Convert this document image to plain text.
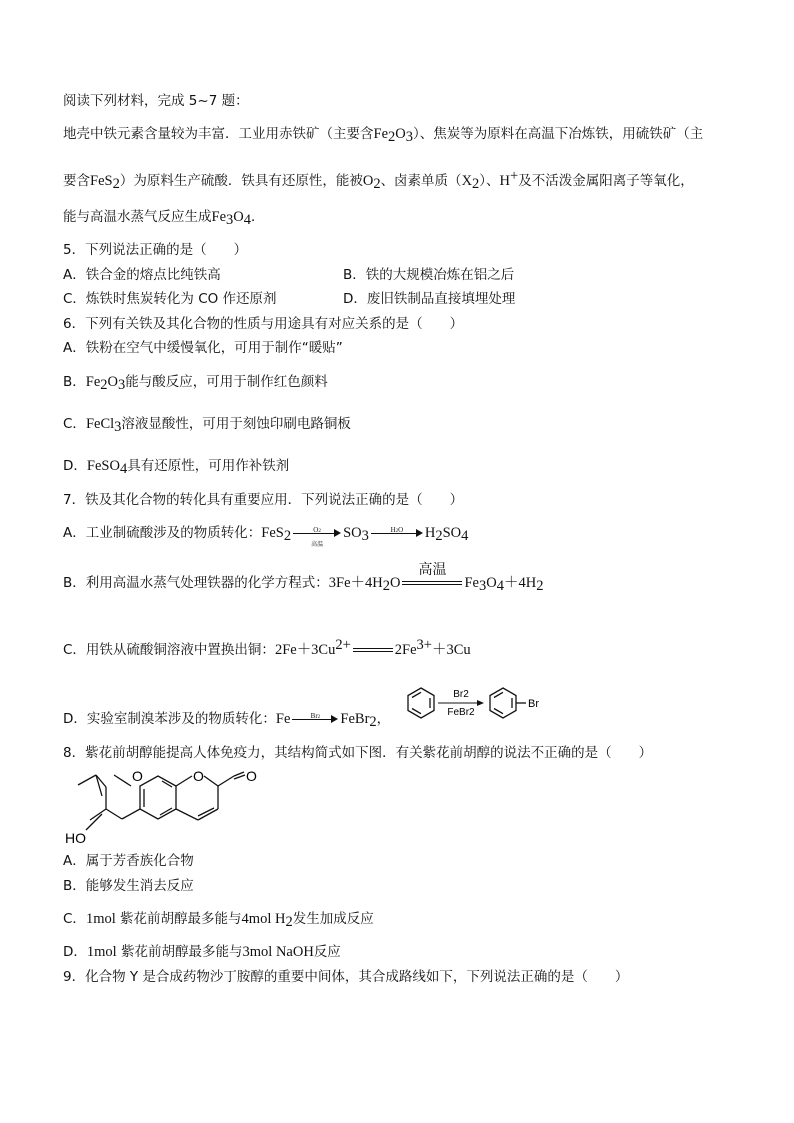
阅读下列材料，完成 5~7 题：
地壳中铁元素含量较为丰富．工业用赤铁矿（主要含Fe2O3）、焦炭等为原料在高温下冶炼铁，用硫铁矿（主
要含FeS2）为原料生产硫酸．铁具有还原性，能被O2、卤素单质（X2）、H+及不活泼金属阳离子等氧化，
能与高温水蒸气反应生成Fe3O4．
5．下列说法正确的是（　　）
A．铁合金的熔点比纯铁高	B．铁的大规模冶炼在铝之后
C．炼铁时焦炭转化为 CO 作还原剂	D．废旧铁制品直接填埋处理
6．下列有关铁及其化合物的性质与用途具有对应关系的是（　　）
A．铁粉在空气中缓慢氧化，可用于制作“暖贴”
B．Fe2O3能与酸反应，可用于制作红色颜料
C．FeCl3溶液显酸性，可用于刻蚀印刷电路铜板
D．FeSO4具有还原性，可用作补铁剂
7．铁及其化合物的转化具有重要应用．下列说法正确的是（　　）
A．工业制硫酸涉及的物质转化：FeS2	O2
高温
SO3	H2O	H2SO4
B．利用高温水蒸气处理铁器的化学方程式：3Fe＋4H2O
高温
Fe3O4＋4H2
C．用铁从硫酸铜溶液中置换出铜：2Fe＋3Cu2+	2Fe3+＋3Cu
D．实验室制溴苯涉及的物质转化：Fe	Br2	FeBr2，
Br2
FeBr2
Br
8．紫花前胡醇能提高人体免疫力，其结构简式如下图．有关紫花前胡醇的说法不正确的是（　　）
O	O	O
HO
A．属于芳香族化合物
B．能够发生消去反应
C．1mol 紫花前胡醇最多能与4mol H2发生加成反应
D．1mol 紫花前胡醇最多能与3mol NaOH反应
9．化合物 Y 是合成药物沙丁胺醇的重要中间体，其合成路线如下，下列说法正确的是（　　）
